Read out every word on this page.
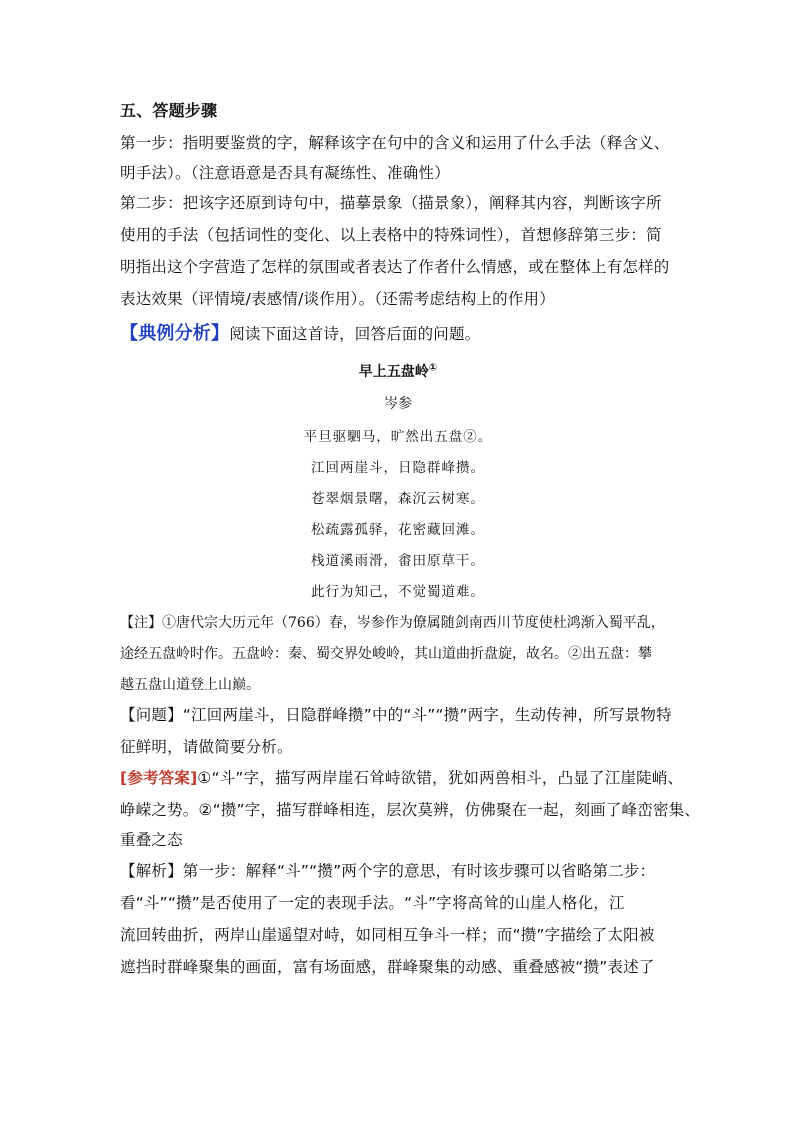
五、答题步骤
第一步：指明要鉴赏的字，解释该字在句中的含义和运用了什么手法（释含义、
明手法）。（注意语意是否具有凝练性、准确性）
第二步：把该字还原到诗句中，描摹景象（描景象），阐释其内容，判断该字所
使用的手法（包括词性的变化、以上表格中的特殊词性），首想修辞第三步：简
明指出这个字营造了怎样的氛围或者表达了作者什么情感，或在整体上有怎样的
表达效果（评情境/表感情/谈作用）。（还需考虑结构上的作用）
【典例分析】阅读下面这首诗，回答后面的问题。
早上五盘岭①
岑参
平旦驱駟马，旷然出五盘②。
江回两崖斗，日隐群峰攒。
苍翠烟景曙，森沉云树寒。
松疏露孤驿，花密藏回滩。
栈道溪雨滑，畬田原草干。
此行为知己，不觉蜀道难。
【注】①唐代宗大历元年（766）春，岑参作为僚属随剑南西川节度使杜鸿渐入蜀平乱，
途经五盘岭时作。五盘岭：秦、蜀交界处峻岭，其山道曲折盘旋，故名。②出五盘：攀
越五盘山道登上山巅。
【问题】“江回两崖斗，日隐群峰攒”中的“斗”“攒”两字，生动传神，所写景物特
征鲜明，请做简要分析。
[参考答案]①“斗”字，描写两岸崖石耸峙欲错，犹如两兽相斗，凸显了江崖陡峭、
峥嵘之势。②“攒”字，描写群峰相连，层次莫辨，仿佛聚在一起，刻画了峰峦密集、
重叠之态
【解析】第一步：解释“斗”“攒”两个字的意思，有时该步骤可以省略第二步：
看“斗”“攒”是否使用了一定的表现手法。“斗”字将高耸的山崖人格化，江
流回转曲折，两岸山崖遥望对峙，如同相互争斗一样；而“攒”字描绘了太阳被
遮挡时群峰聚集的画面，富有场面感，群峰聚集的动感、重叠感被“攒”表述了
